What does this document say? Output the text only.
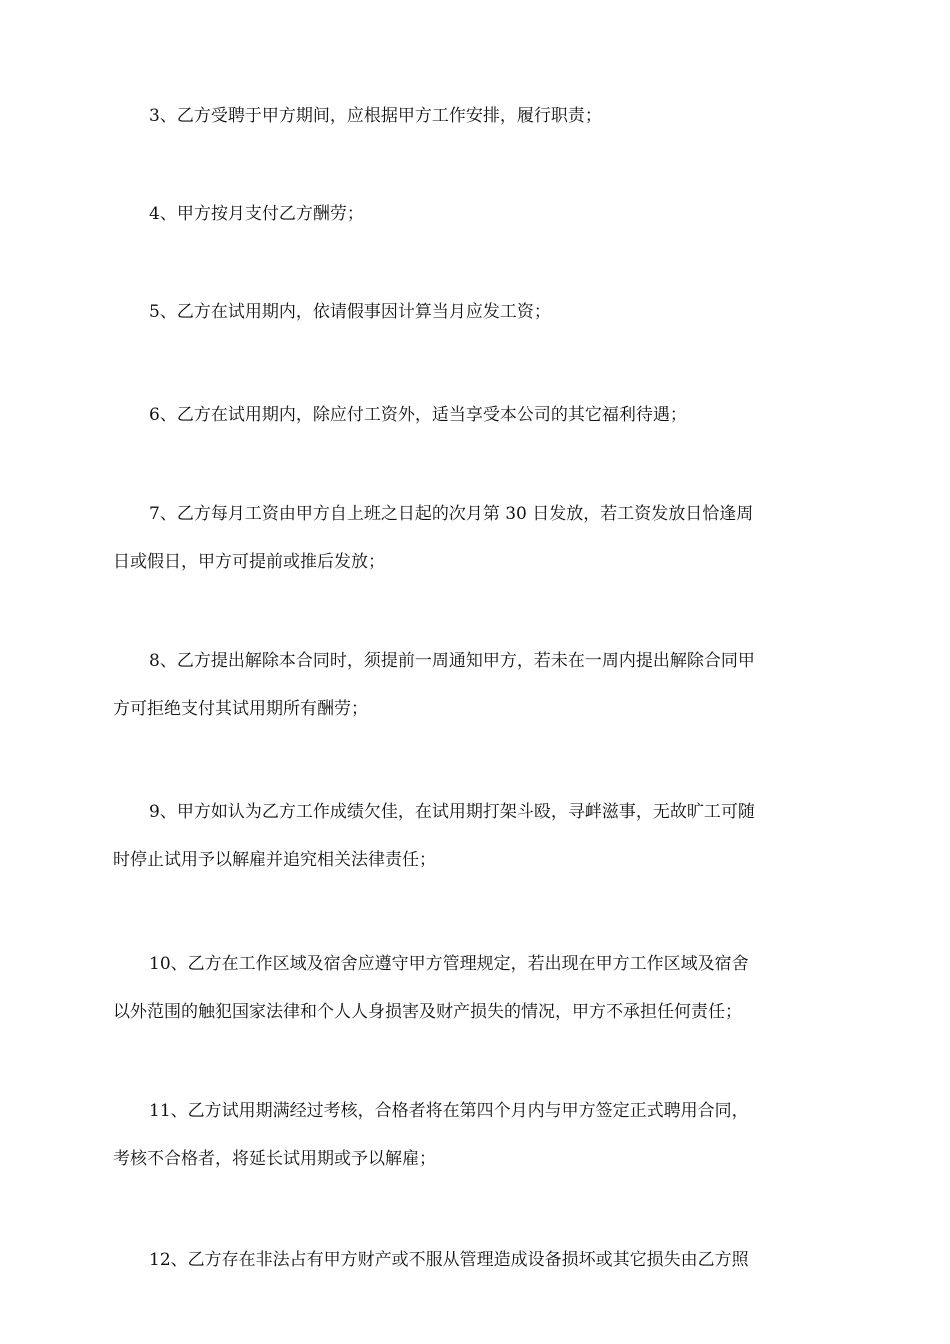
3、乙方受聘于甲方期间，应根据甲方工作安排，履行职责；
4、甲方按月支付乙方酬劳；
5、乙方在试用期内，依请假事因计算当月应发工资；
6、乙方在试用期内，除应付工资外，适当享受本公司的其它福利待遇；
7、乙方每月工资由甲方自上班之日起的次月第 30 日发放，若工资发放日恰逢周
日或假日，甲方可提前或推后发放；
8、乙方提出解除本合同时，须提前一周通知甲方，若未在一周内提出解除合同甲
方可拒绝支付其试用期所有酬劳；
9、甲方如认为乙方工作成绩欠佳，在试用期打架斗殴，寻衅滋事，无故旷工可随
时停止试用予以解雇并追究相关法律责任；
10、乙方在工作区域及宿舍应遵守甲方管理规定，若出现在甲方工作区域及宿舍
以外范围的触犯国家法律和个人人身损害及财产损失的情况，甲方不承担任何责任；
11、乙方试用期满经过考核，合格者将在第四个月内与甲方签定正式聘用合同，
考核不合格者，将延长试用期或予以解雇；
12、乙方存在非法占有甲方财产或不服从管理造成设备损坏或其它损失由乙方照
